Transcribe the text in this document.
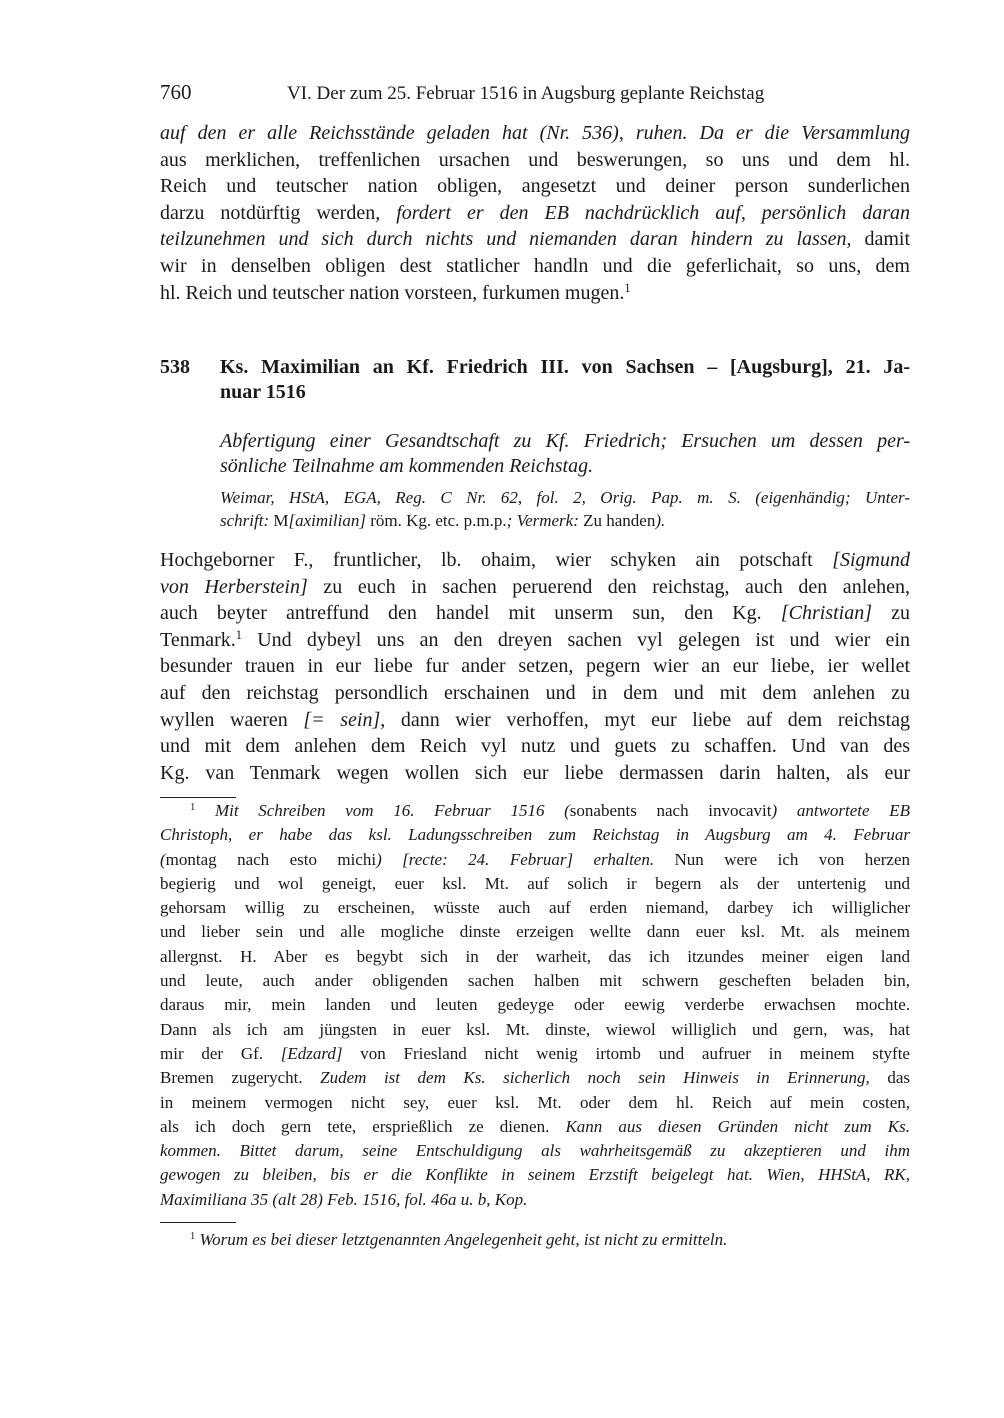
760	VI. Der zum 25. Februar 1516 in Augsburg geplante Reichstag
auf den er alle Reichsstände geladen hat (Nr. 536), ruhen. Da er die Versammlung
aus merklichen, treffenlichen ursachen und beswerungen, so uns und dem hl.
Reich und teutscher nation obligen, angesetzt und deiner person sunderlichen
darzu notdürftig werden, fordert er den EB nachdrücklich auf, persönlich daran
teilzunehmen und sich durch nichts und niemanden daran hindern zu lassen, damit
wir in denselben obligen dest statlicher handln und die geferlichait, so uns, dem
hl. Reich und teutscher nation vorsteen, furkumen mugen.$^1$
538 Ks. Maximilian an Kf. Friedrich III. von Sachsen – [Augsburg], 21. Ja-
nuar 1516
Abfertigung einer Gesandtschaft zu Kf. Friedrich; Ersuchen um dessen per-
sönliche Teilnahme am kommenden Reichstag.
Weimar, HStA, EGA, Reg. C Nr. 62, fol. 2, Orig. Pap. m. S. (eigenhändig; Unter-
schrift: M[aximilian] röm. Kg. etc. p.m.p.; Vermerk: Zu handen).
Hochgeborner F., fruntlicher, lb. ohaim, wier schyken ain potschaft [Sigmund
von Herberstein] zu euch in sachen peruerend den reichstag, auch den anlehen,
auch beyter antreffund den handel mit unserm sun, den Kg. [Christian] zu
Tenmark.$^1$ Und dybeyl uns an den dreyen sachen vyl gelegen ist und wier ein
besunder trauen in eur liebe fur ander setzen, pegern wier an eur liebe, ier wellet
auf den reichstag persondlich erschainen und in dem und mit dem anlehen zu
wyllen waeren [= sein], dann wier verhoffen, myt eur liebe auf dem reichstag
und mit dem anlehen dem Reich vyl nutz und guets zu schaffen. Und van des
Kg. van Tenmark wegen wollen sich eur liebe dermassen darin halten, als eur
$^1$ Mit Schreiben vom 16. Februar 1516 (sonabents nach invocavit) antwortete EB
Christoph, er habe das ksl. Ladungsschreiben zum Reichstag in Augsburg am 4. Februar
(montag nach esto michi) [recte: 24. Februar] erhalten. Nun were ich von herzen
begierig und wol geneigt, euer ksl. Mt. auf solich ir begern als der untertenig und
gehorsam willig zu erscheinen, wüsste auch auf erden niemand, darbey ich williglicher
und lieber sein und alle mogliche dinste erzeigen wellte dann euer ksl. Mt. als meinem
allergnst. H. Aber es begybt sich in der warheit, das ich itzundes meiner eigen land
und leute, auch ander obligenden sachen halben mit schwern gescheften beladen bin,
daraus mir, mein landen und leuten gedeyge oder eewig verderbe erwachsen mochte.
Dann als ich am jüngsten in euer ksl. Mt. dinste, wiewol williglich und gern, was, hat
mir der Gf. [Edzard] von Friesland nicht wenig irtomb und aufruer in meinem styfte
Bremen zugerycht. Zudem ist dem Ks. sicherlich noch sein Hinweis in Erinnerung, das
in meinem vermogen nicht sey, euer ksl. Mt. oder dem hl. Reich auf mein costen,
als ich doch gern tete, ersprießlich ze dienen. Kann aus diesen Gründen nicht zum Ks.
kommen. Bittet darum, seine Entschuldigung als wahrheitsgemäß zu akzeptieren und ihm
gewogen zu bleiben, bis er die Konflikte in seinem Erzstift beigelegt hat. Wien, HHStA, RK,
Maximiliana 35 (alt 28) Feb. 1516, fol. 46a u. b, Kop.
$^1$ Worum es bei dieser letztgenannten Angelegenheit geht, ist nicht zu ermitteln.
